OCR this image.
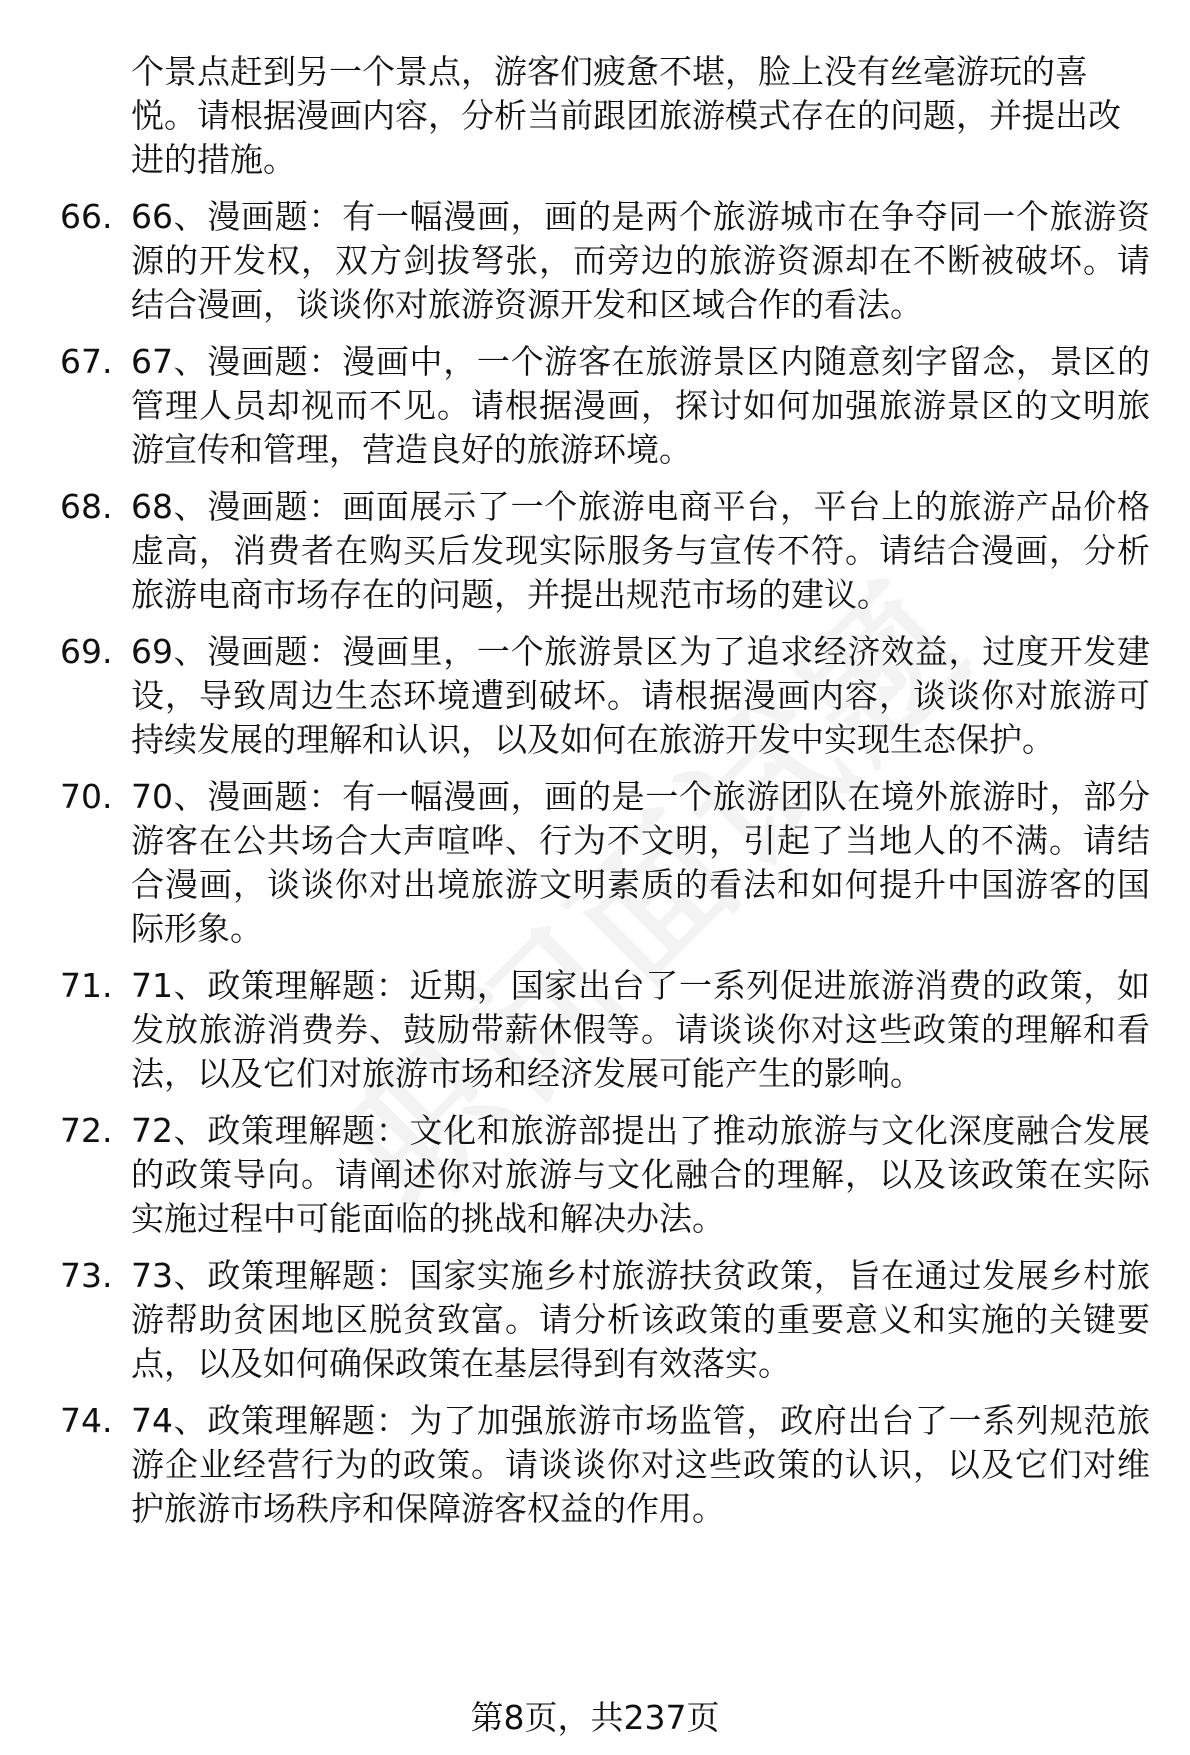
个景点赶到另一个景点，游客们疲惫不堪，脸上没有丝毫游玩的喜悦。请根据漫画内容，分析当前跟团旅游模式存在的问题，并提出改进的措施。

66. 66、漫画题：有一幅漫画，画的是两个旅游城市在争夺同一个旅游资源的开发权，双方剑拔弩张，而旁边的旅游资源却在不断被破坏。请结合漫画，谈谈你对旅游资源开发和区域合作的看法。
67. 67、漫画题：漫画中，一个游客在旅游景区内随意刻字留念，景区的管理人员却视而不见。请根据漫画，探讨如何加强旅游景区的文明旅游宣传和管理，营造良好的旅游环境。
68. 68、漫画题：画面展示了一个旅游电商平台，平台上的旅游产品价格虚高，消费者在购买后发现实际服务与宣传不符。请结合漫画，分析旅游电商市场存在的问题，并提出规范市场的建议。
69. 69、漫画题：漫画里，一个旅游景区为了追求经济效益，过度开发建设，导致周边生态环境遭到破坏。请根据漫画内容，谈谈你对旅游可持续发展的理解和认识，以及如何在旅游开发中实现生态保护。
70. 70、漫画题：有一幅漫画，画的是一个旅游团队在境外旅游时，部分游客在公共场合大声喧哗、行为不文明，引起了当地人的不满。请结合漫画，谈谈你对出境旅游文明素质的看法和如何提升中国游客的国际形象。
71. 71、政策理解题：近期，国家出台了一系列促进旅游消费的政策，如发放旅游消费券、鼓励带薪休假等。请谈谈你对这些政策的理解和看法，以及它们对旅游市场和经济发展可能产生的影响。
72. 72、政策理解题：文化和旅游部提出了推动旅游与文化深度融合发展的政策导向。请阐述你对旅游与文化融合的理解，以及该政策在实际实施过程中可能面临的挑战和解决办法。
73. 73、政策理解题：国家实施乡村旅游扶贫政策，旨在通过发展乡村旅游帮助贫困地区脱贫致富。请分析该政策的重要意义和实施的关键要点，以及如何确保政策在基层得到有效落实。
74. 74、政策理解题：为了加强旅游市场监管，政府出台了一系列规范旅游企业经营行为的政策。请谈谈你对这些政策的认识，以及它们对维护旅游市场秩序和保障游客权益的作用。
第8页，共237页
